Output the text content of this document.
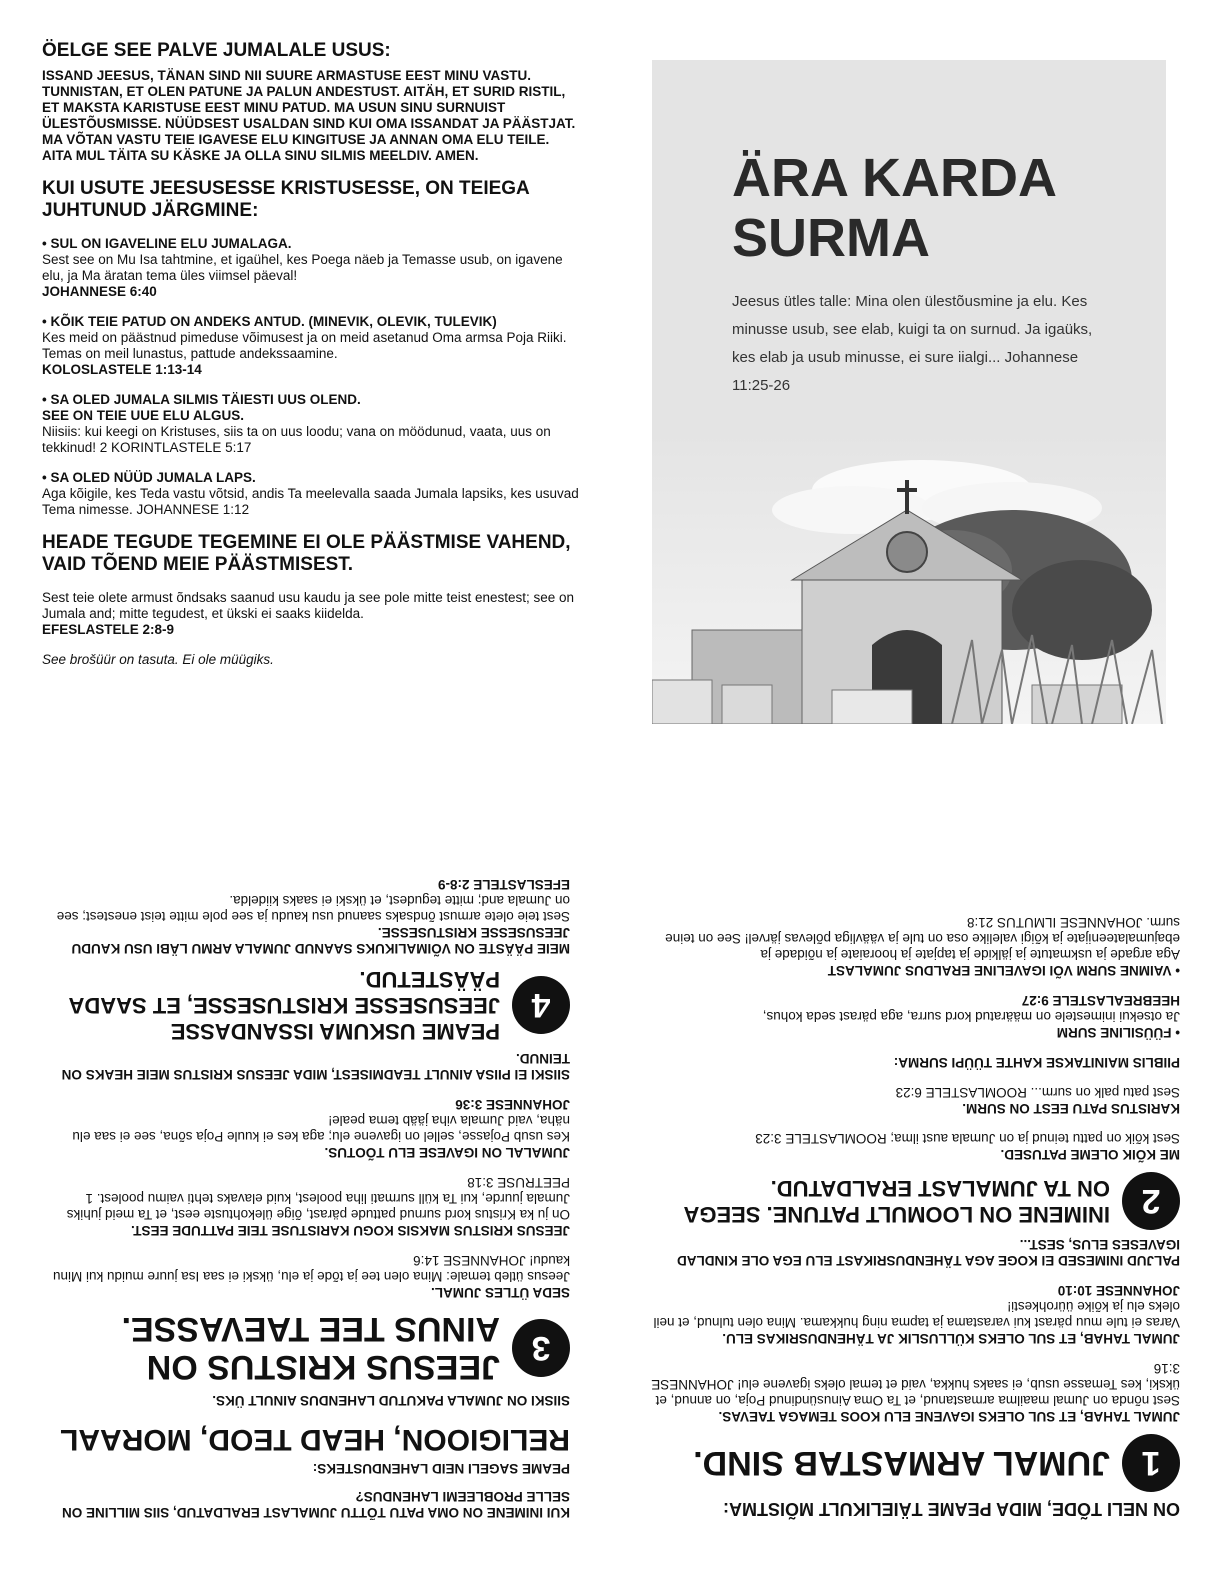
ÖELGE SEE PALVE JUMALALE USUS:

ISSAND JEESUS, TÄNAN SIND NII SUURE ARMASTUSE EEST MINU VASTU. TUNNISTAN, ET OLEN PATUNE JA PALUN ANDESTUST. AITÄH, ET SURID RISTIL, ET MAKSTA KARISTUSE EEST MINU PATUD. MA USUN SINU SURNUIST ÜLESTÕUSMISSE. NÜÜDSEST USALDAN SIND KUI OMA ISSANDAT JA PÄÄSTJAT. MA VÕTAN VASTU TEIE IGAVESE ELU KINGITUSE JA ANNAN OMA ELU TEILE. AITA MUL TÄITA SU KÄSKE JA OLLA SINU SILMIS MEELDIV. AMEN.

KUI USUTE JEESUSESSE KRISTUSESSE, ON TEIEGA JUHTUNUD JÄRGMINE:
• SUL ON IGAVELINE ELU JUMALAGA.

Sest see on Mu Isa tahtmine, et igaühel, kes Poega näeb ja Temasse usub, on igavene elu, ja Ma äratan tema üles viimsel päeval!

JOHANNESE 6:40
• KÕIK TEIE PATUD ON ANDEKS ANTUD. (MINEVIK, OLEVIK, TULEVIK)

Kes meid on päästnud pimeduse võimusest ja on meid asetanud Oma armsa Poja Riiki. Temas on meil lunastus, pattude andekssaamine.

KOLOSLASTELE 1:13-14
• SA OLED JUMALA SILMIS TÄIESTI UUS OLEND.
SEE ON TEIE UUE ELU ALGUS.

Niisiis: kui keegi on Kristuses, siis ta on uus loodu; vana on möödunud, vaata, uus on tekkinud! 2 KORINTLASTELE 5:17

• SA OLED NÜÜD JUMALA LAPS.

Aga kõigile, kes Teda vastu võtsid, andis Ta meelevalla saada Jumala lapsiks, kes usuvad Tema nimesse. JOHANNESE 1:12

HEADE TEGUDE TEGEMINE EI OLE PÄÄSTMISE VAHEND, VAID TÕEND MEIE PÄÄSTMISEST.

Sest teie olete armust õndsaks saanud usu kaudu ja see pole mitte teist enestest; see on Jumala and; mitte tegudest, et ükski ei saaks kiidelda.

EFESLASTELE 2:8-9
See brošüür on tasuta. Ei ole müügiks.
ÄRA KARDA
SURMA
Jeesus ütles talle: Mina olen ülestõusmine ja elu. Kes minusse usub, see elab, kuigi ta on surnud. Ja igaüks, kes elab ja usub minusse, ei sure iialgi... Johannese 11:25-26
KUI INIMENE ON OMA PATU TÕTTU JUMALAST ERALDATUD, SIIS MILLINE ON SELLE PROBLEEMI LAHENDUS?
PEAME SAGELI NEID LAHENDUSTEKS:
RELIGIOON, HEAD TEOD, MORAAL
SIISKI ON JUMALA PAKUTUD LAHENDUS AINULT ÜKS.
3
JEESUS KRISTUS ON AINUS TEE TAEVASSE.
SEDA ÜTLES JUMAL.

Jeesus ütleb temale: Mina olen tee ja tõde ja elu, ükski ei saa Isa juure muidu kui Minu kaudu! JOHANNESE 14:6

JEESUS KRISTUS MAKSIS KOGU KARISTUSE TEIE PATTUDE EEST.

On ju ka Kristus kord surnud pattude pärast, õige ülekohtuste eest, et Ta meid juhiks Jumala juurde, kui Ta küll surmati liha poolest, kuid elavaks tehti vaimu poolest. 1 PEETRUSE 3:18

JUMALAL ON IGAVESE ELU TÕOTUS.

Kes usub Pojasse, sellel on igavene elu; aga kes ei kuule Poja sõna, see ei saa elu näha, vaid Jumala viha jääb tema peale!

JOHANNESE 3:36
SIISKI EI PIISA AINULT TEADMISEST, MIDA JEESUS KRISTUS MEIE HEAKS ON TEINUD.
4
PEAME USKUMA ISSANDASSE JEESUSESSE KRISTUSESSE, ET SAADA PÄÄSTETUD.
MEIE PÄÄSTE ON VÕIMALIKUKS SAANUD JUMALA ARMU LÄBI USU KAUDU JEESUSESSE KRISTUSESSE.

Sest teie olete armust õndsaks saanud usu kaudu ja see pole mitte teist enestest; see on Jumala and; mitte tegudest, et ükski ei saaks kiidelda.

EFESLASTELE 2:8-9
ON NELI TÕDE, MIDA PEAME TÄIELIKULT MÕISTMA:
1
JUMAL ARMASTAB SIND.
JUMAL TAHAB, ET SUL OLEKS IGAVENE ELU KOOS TEMAGA TAEVAS.

Sest nõnda on Jumal maailma armastanud, et Ta Oma Ainusündinud Poja, on annud, et ükski, kes Temasse usub, ei saaks hukka, vaid et temal oleks igavene elu! JOHANNESE 3:16

JUMAL TAHAB, ET SUL OLEKS KÜLLUSLIK JA TÄHENDUSRIKAS ELU.

Varas ei tule muu pärast kui varastama ja tapma ning hukkama. Mina olen tulnud, et neil oleks elu ja kõike üürohkesti!

JOHANNESE 10:10
PALJUD INIMESED EI KOGE AGA TÄHENDUSRIKAST ELU EGA OLE KINDLAD IGAVESES ELUS, SEST...
2
INIMENE ON LOOMULT PATUNE. SEEGA ON TA JUMALAST ERALDATUD.
ME KÕIK OLEME PATUSED.

Sest kõik on pattu teinud ja on Jumala aust ilma; ROOMLASTELE 3:23

KARISTUS PATU EEST ON SURM.

Sest patu palk on surm... ROOMLASTELE 6:23

PIIBLIS MAINITAKSE KAHTE TÜÜPI SURMA:
• FÜÜSILINE SURM

Ja otsekui inimestele on määratud kord surra, aga pärast seda kohus,

HEEBREALASTELE 9:27
• VAIMNE SURM VÕI IGAVELINE ERALDUS JUMALAST

Aga argade ja uskmatute ja jälkide ja tapjate ja hooraiate ja nõidade ja ebajumalateenijate ja kõigi valelike osa on tule ja väävliga põlevas järvel! See on teine surm. JOHANNESE ILMUTUS 21:8
